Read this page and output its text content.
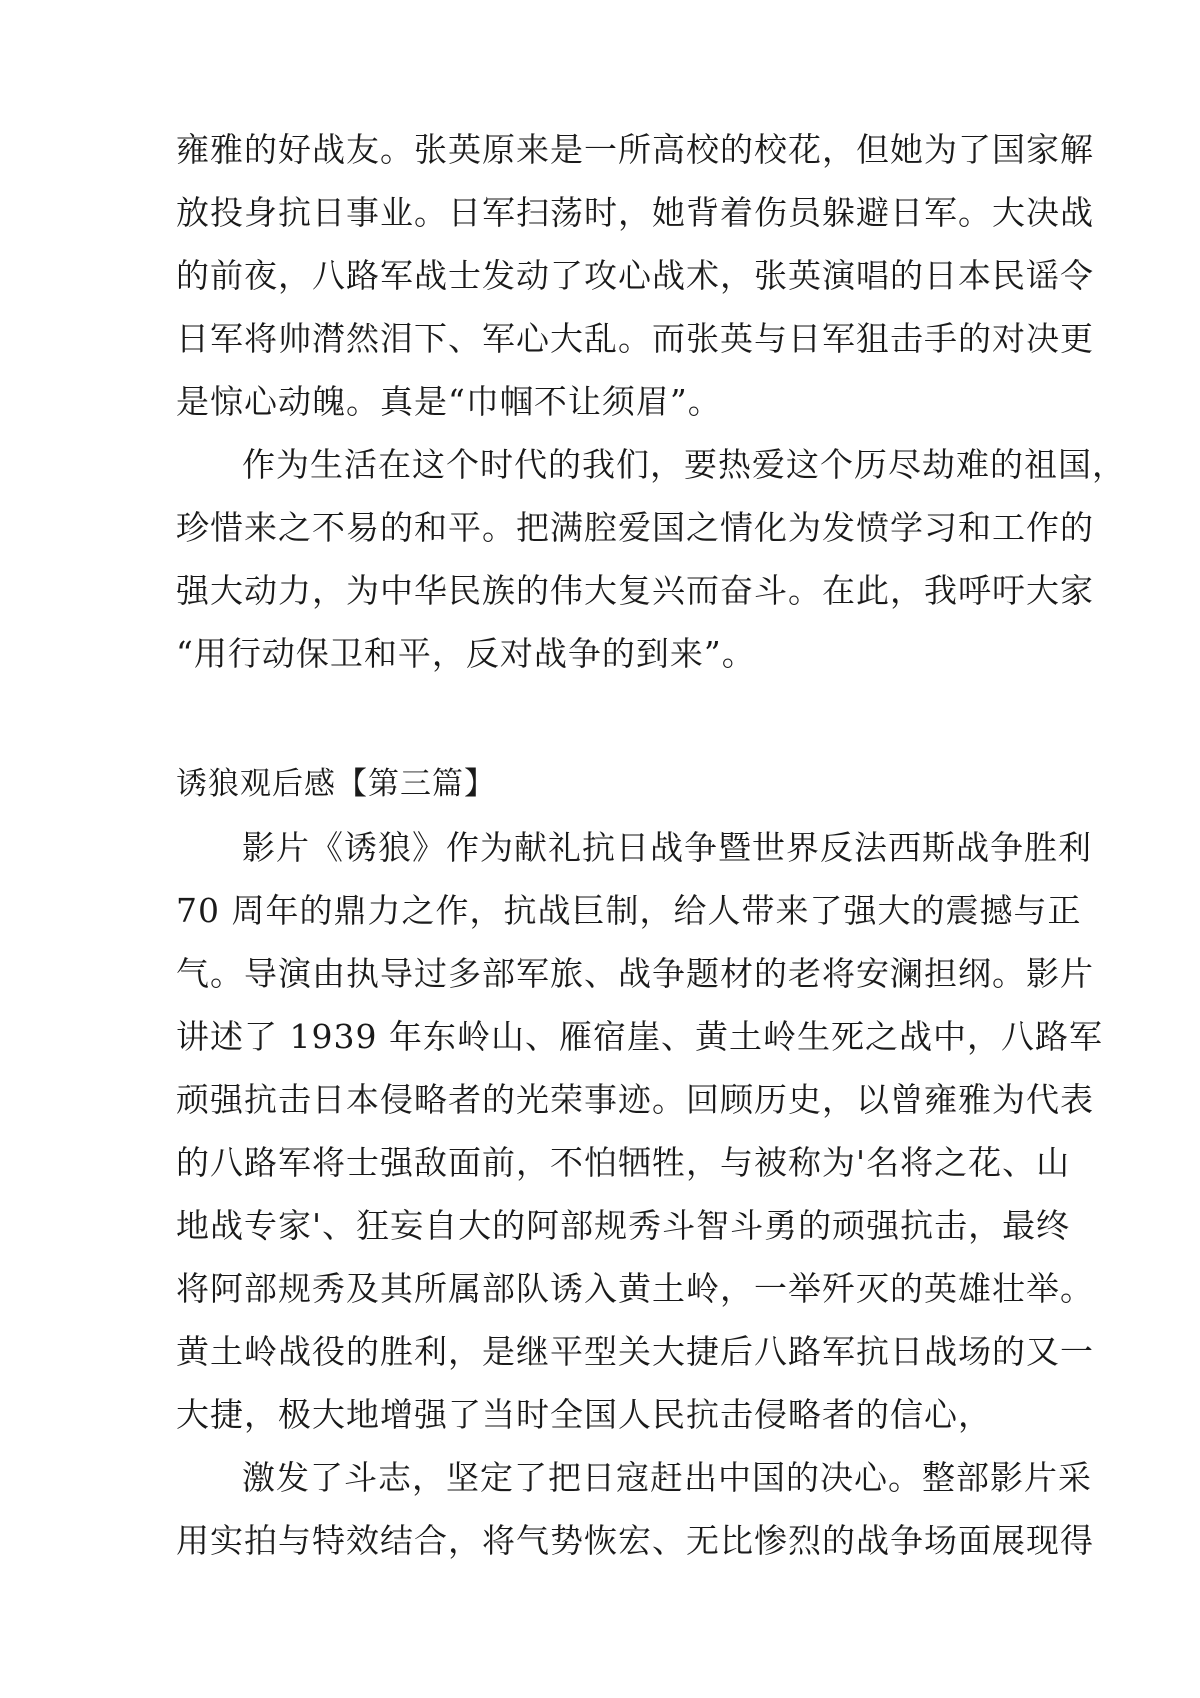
雍雅的好战友。张英原来是一所高校的校花，但她为了国家解
放投身抗日事业。日军扫荡时，她背着伤员躲避日军。大决战
的前夜，八路军战士发动了攻心战术，张英演唱的日本民谣令
日军将帅潸然泪下、军心大乱。而张英与日军狙击手的对决更
是惊心动魄。真是“巾帼不让须眉”。
作为生活在这个时代的我们，要热爱这个历尽劫难的祖国，
珍惜来之不易的和平。把满腔爱国之情化为发愤学习和工作的
强大动力，为中华民族的伟大复兴而奋斗。在此，我呼吁大家
“用行动保卫和平，反对战争的到来”。
诱狼观后感【第三篇】
影片《诱狼》作为献礼抗日战争暨世界反法西斯战争胜利
70 周年的鼎力之作，抗战巨制，给人带来了强大的震撼与正
气。导演由执导过多部军旅、战争题材的老将安澜担纲。影片
讲述了 1939 年东岭山、雁宿崖、黄土岭生死之战中，八路军
顽强抗击日本侵略者的光荣事迹。回顾历史，以曾雍雅为代表
的八路军将士强敌面前，不怕牺牲，与被称为'名将之花、山
地战专家'、狂妄自大的阿部规秀斗智斗勇的顽强抗击，最终
将阿部规秀及其所属部队诱入黄土岭，一举歼灭的英雄壮举。
黄土岭战役的胜利，是继平型关大捷后八路军抗日战场的又一
大捷，极大地增强了当时全国人民抗击侵略者的信心，
激发了斗志，坚定了把日寇赶出中国的决心。整部影片采
用实拍与特效结合，将气势恢宏、无比惨烈的战争场面展现得
